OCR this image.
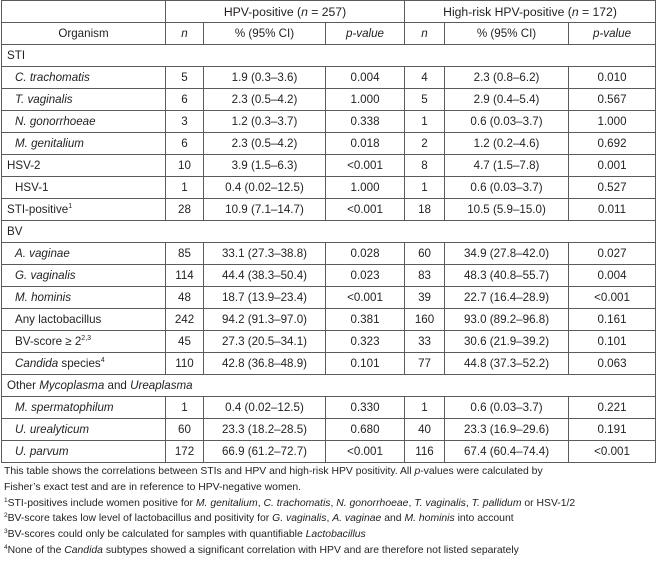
	HPV-positive (n = 257)			High-risk HPV-positive (n = 172)		
Organism	n	% (95% CI)	p-value	n	% (95% CI)	p-value
STI						
C. trachomatis	5	1.9 (0.3–3.6)	0.004	4	2.3 (0.8–6.2)	0.010
T. vaginalis	6	2.3 (0.5–4.2)	1.000	5	2.9 (0.4–5.4)	0.567
N. gonorrhoeae	3	1.2 (0.3–3.7)	0.338	1	0.6 (0.03–3.7)	1.000
M. genitalium	6	2.3 (0.5–4.2)	0.018	2	1.2 (0.2–4.6)	0.692
HSV-2	10	3.9 (1.5–6.3)	<0.001	8	4.7 (1.5–7.8)	0.001
HSV-1	1	0.4 (0.02–12.5)	1.000	1	0.6 (0.03–3.7)	0.527
STI-positive$^1$	28	10.9 (7.1–14.7)	<0.001	18	10.5 (5.9–15.0)	0.011
BV						
A. vaginae	85	33.1 (27.3–38.8)	0.028	60	34.9 (27.8–42.0)	0.027
G. vaginalis	114	44.4 (38.3–50.4)	0.023	83	48.3 (40.8–55.7)	0.004
M. hominis	48	18.7 (13.9–23.4)	<0.001	39	22.7 (16.4–28.9)	<0.001
Any lactobacillus	242	94.2 (91.3–97.0)	0.381	160	93.0 (89.2–96.8)	0.161
BV-score ≥ $2^{2,3}$	45	27.3 (20.5–34.1)	0.323	33	30.6 (21.9–39.2)	0.101
Candida species$^4$	110	42.8 (36.8–48.9)	0.101	77	44.8 (37.3–52.2)	0.063
Other Mycoplasma and Ureaplasma						
M. spermatophilum	1	0.4 (0.02–12.5)	0.330	1	0.6 (0.03–3.7)	0.221
U. urealyticum	60	23.3 (18.2–28.5)	0.680	40	23.3 (16.9–29.6)	0.191
U. parvum	172	66.9 (61.2–72.7)	<0.001	116	67.4 (60.4–74.4)	<0.001

This table shows the correlations between STIs and HPV and high-risk HPV positivity. All p-values were calculated by

Fisher’s exact test and are in reference to HPV-negative women.

$^1$STI-positives include women positive for M. genitalium, C. trachomatis, N. gonorrhoeae, T. vaginalis, T. pallidum or HSV-1/2

$^2$BV-score takes low level of lactobacillus and positivity for G. vaginalis, A. vaginae and M. hominis into account

$^3$BV-scores could only be calculated for samples with quantifiable Lactobacillus

$^4$None of the Candida subtypes showed a significant correlation with HPV and are therefore not listed separately
